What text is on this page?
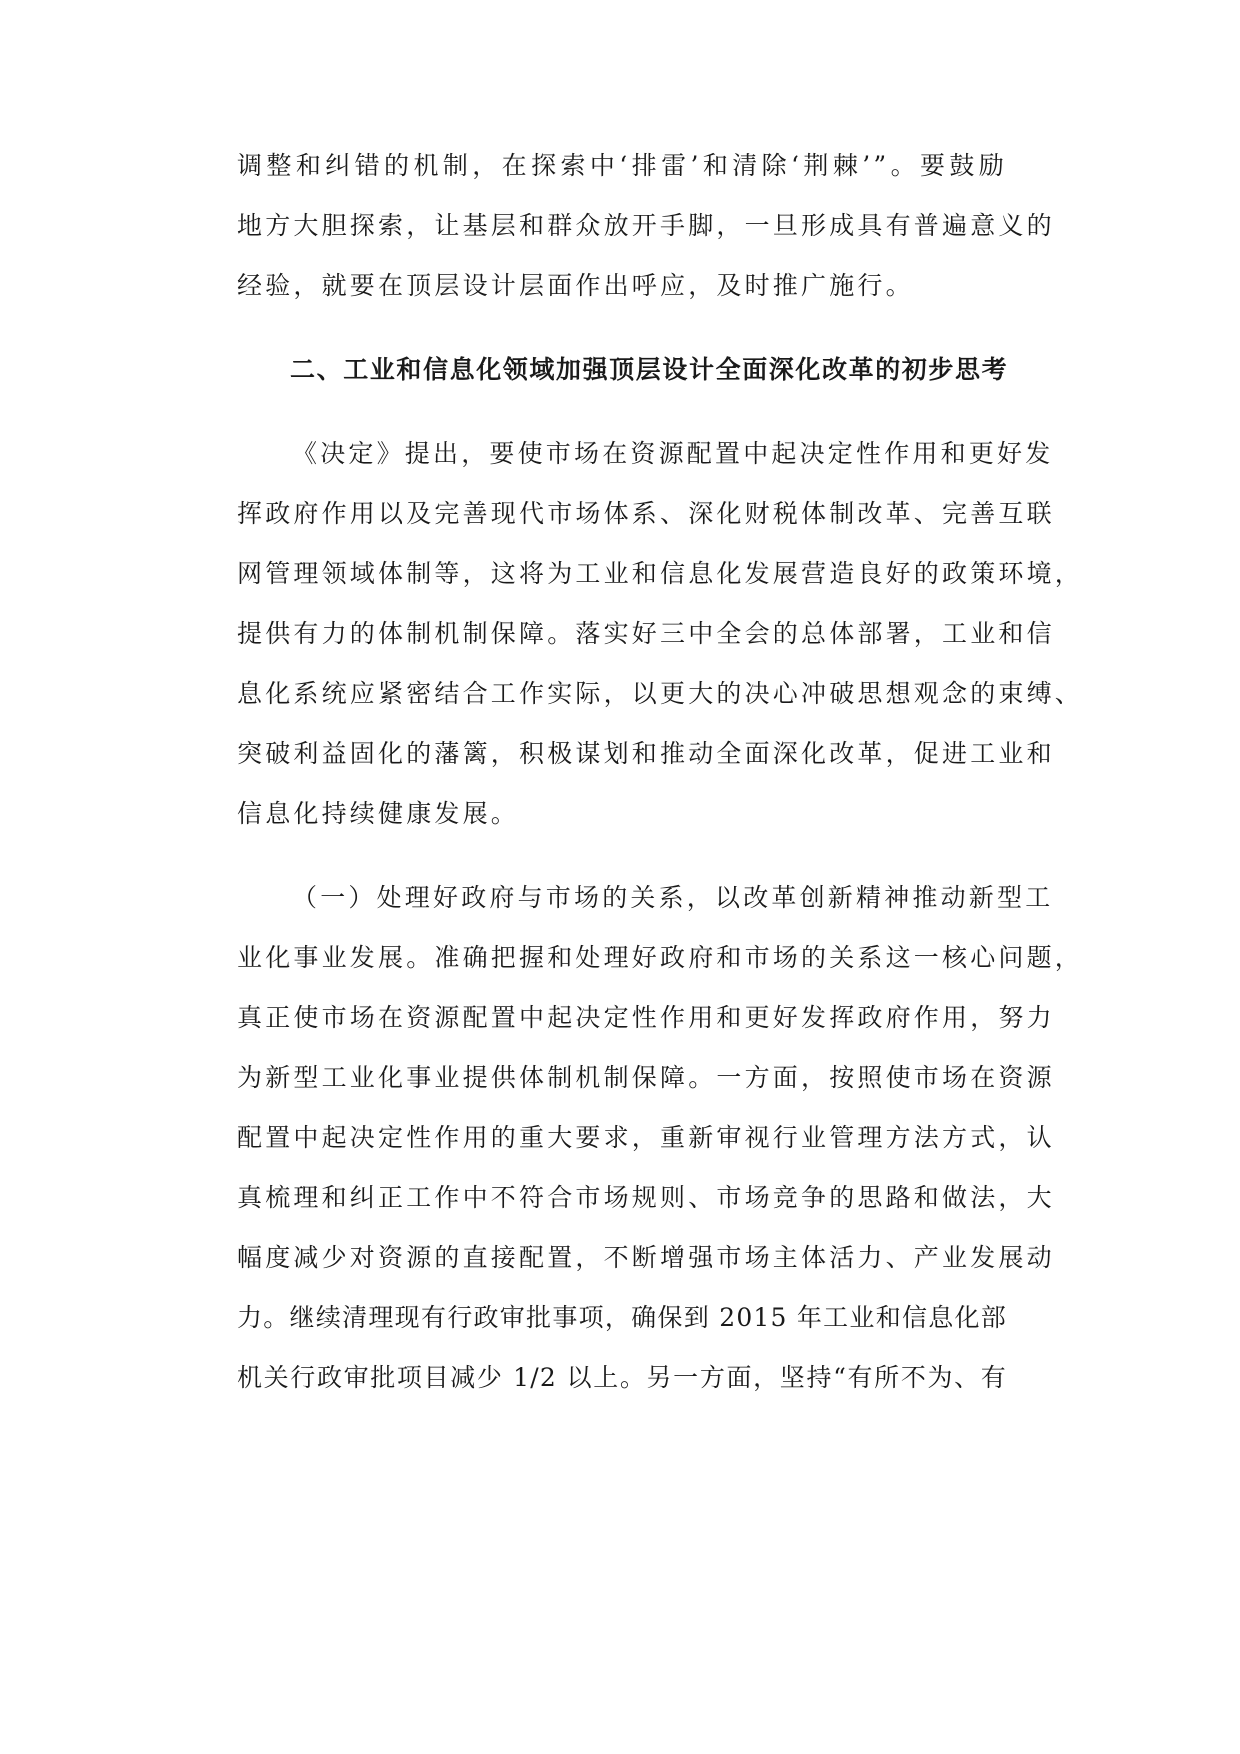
调整和纠错的机制，在探索中‘排雷’和清除‘荆棘’”。要鼓励

地方大胆探索，让基层和群众放开手脚，一旦形成具有普遍意义的

经验，就要在顶层设计层面作出呼应，及时推广施行。

二、工业和信息化领域加强顶层设计全面深化改革的初步思考

《决定》提出，要使市场在资源配置中起决定性作用和更好发

挥政府作用以及完善现代市场体系、深化财税体制改革、完善互联

网管理领域体制等，这将为工业和信息化发展营造良好的政策环境，

提供有力的体制机制保障。落实好三中全会的总体部署，工业和信

息化系统应紧密结合工作实际，以更大的决心冲破思想观念的束缚、

突破利益固化的藩篱，积极谋划和推动全面深化改革，促进工业和

信息化持续健康发展。

（一）处理好政府与市场的关系，以改革创新精神推动新型工

业化事业发展。准确把握和处理好政府和市场的关系这一核心问题，

真正使市场在资源配置中起决定性作用和更好发挥政府作用，努力

为新型工业化事业提供体制机制保障。一方面，按照使市场在资源

配置中起决定性作用的重大要求，重新审视行业管理方法方式，认

真梳理和纠正工作中不符合市场规则、市场竞争的思路和做法，大

幅度减少对资源的直接配置，不断增强市场主体活力、产业发展动

力。继续清理现有行政审批事项，确保到 2015 年工业和信息化部

机关行政审批项目减少 1/2 以上。另一方面，坚持“有所不为、有
